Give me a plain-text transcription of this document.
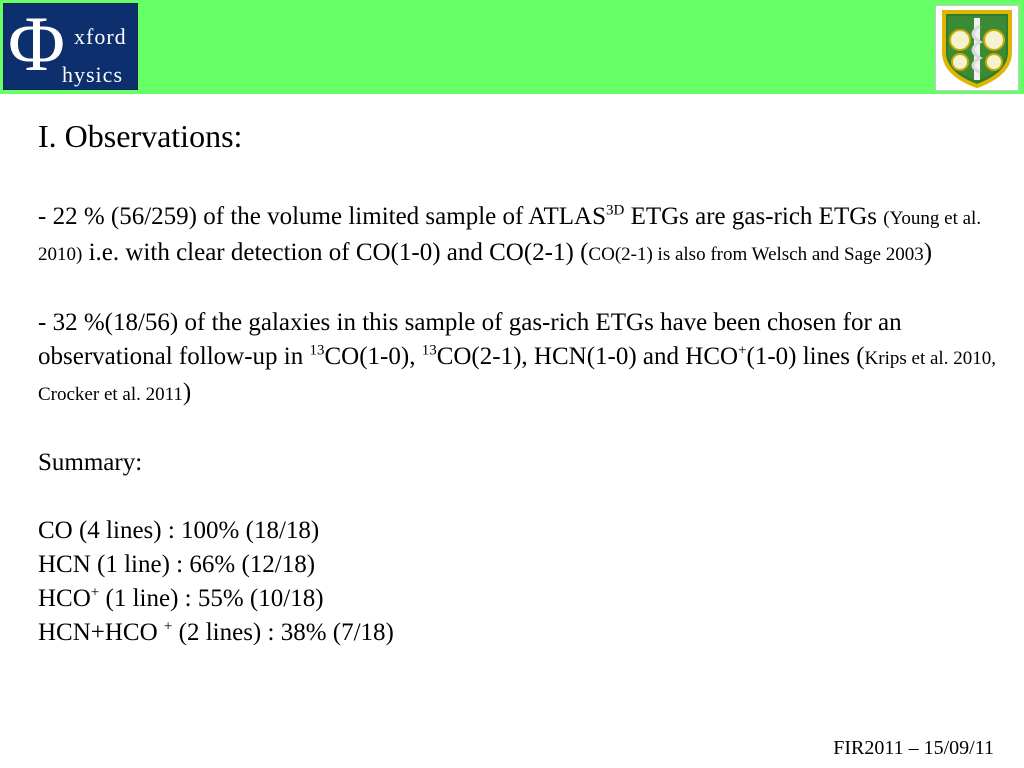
Φ xford
hysics
I. Observations:

- 22 % (56/259) of the volume limited sample of $ATLAS^{3D}$ ETGs are gas-rich ETGs (Young et al. 2010) i.e. with clear detection of CO(1-0) and CO(2-1) (CO(2-1) is also from Welsch and Sage 2003)

- 32 %(18/56) of the galaxies in this sample of gas-rich ETGs have been chosen for an observational follow-up in $^{13}$CO(1-0), $^{13}$CO(2-1), HCN(1-0) and HCO+(1-0) lines (Krips et al. 2010, Crocker et al. 2011)

Summary:

CO (4 lines) : 100% (18/18)

HCN (1 line) : 66% (12/18)

HCO+ (1 line) : 55% (10/18)

HCN+HCO + (2 lines) : 38% (7/18)

FIR2011 – 15/09/11
